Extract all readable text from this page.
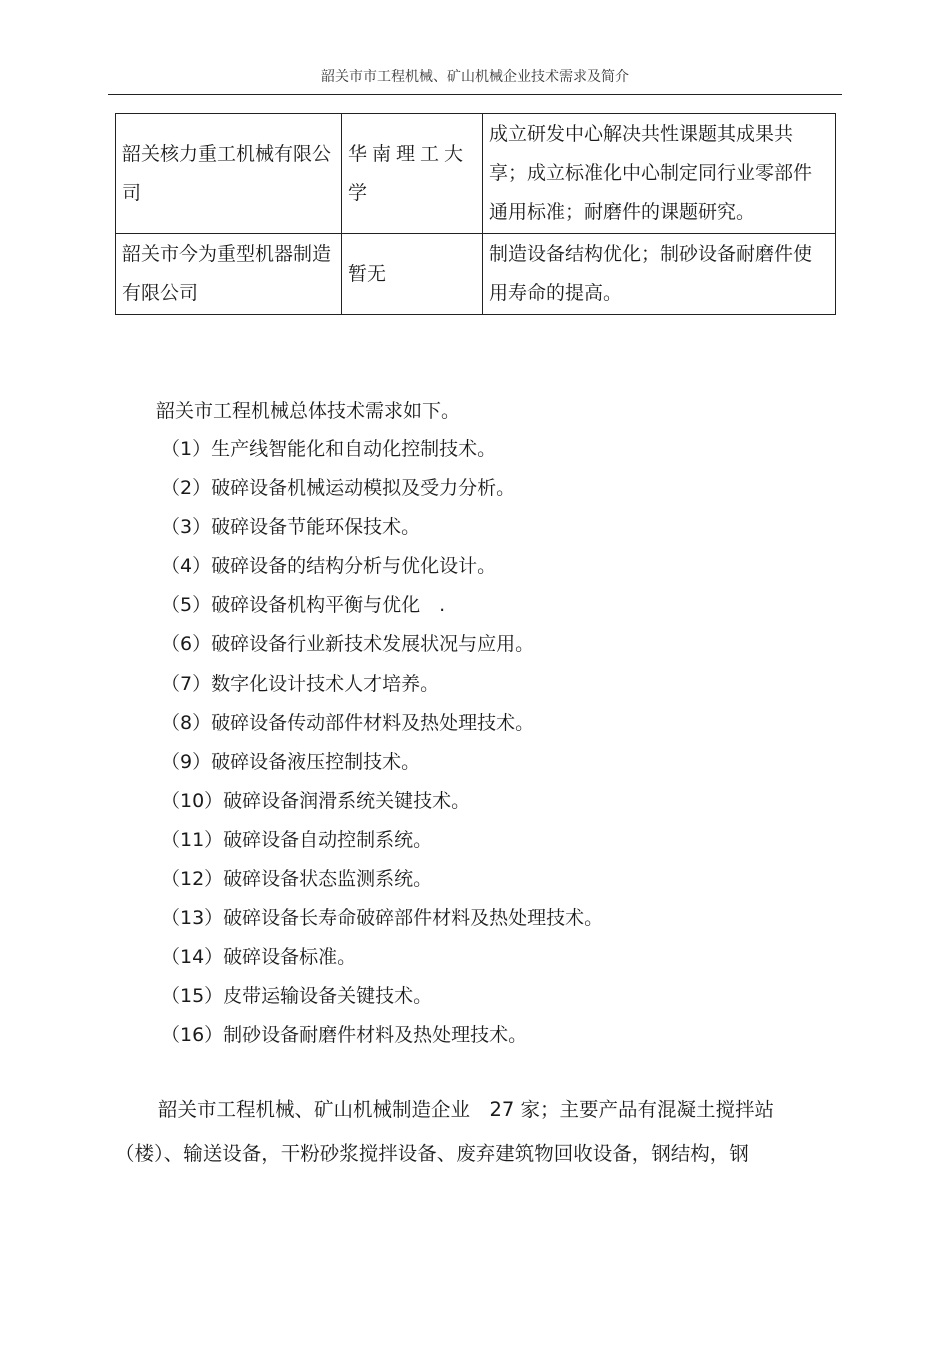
韶关市市工程机械、矿山机械企业技术需求及简介
韶关核力重工机械有限公司	华南理工大学	成立研发中心解决共性课题其成果共享；成立标准化中心制定同行业零部件通用标准；耐磨件的课题研究。
韶关市今为重型机器制造有限公司	暂无	制造设备结构优化；制砂设备耐磨件使用寿命的提高。
韶关市工程机械总体技术需求如下。
（1）生产线智能化和自动化控制技术。
（2）破碎设备机械运动模拟及受力分析。
（3）破碎设备节能环保技术。
（4）破碎设备的结构分析与优化设计。
（5）破碎设备机构平衡与优化　.
（6）破碎设备行业新技术发展状况与应用。
（7）数字化设计技术人才培养。
（8）破碎设备传动部件材料及热处理技术。
（9）破碎设备液压控制技术。
（10）破碎设备润滑系统关键技术。
（11）破碎设备自动控制系统。
（12）破碎设备状态监测系统。
（13）破碎设备长寿命破碎部件材料及热处理技术。
（14）破碎设备标准。
（15）皮带运输设备关键技术。
（16）制砂设备耐磨件材料及热处理技术。
韶关市工程机械、矿山机械制造企业　27 家；主要产品有混凝土搅拌站
（楼）、输送设备，干粉砂浆搅拌设备、废弃建筑物回收设备，钢结构，钢
